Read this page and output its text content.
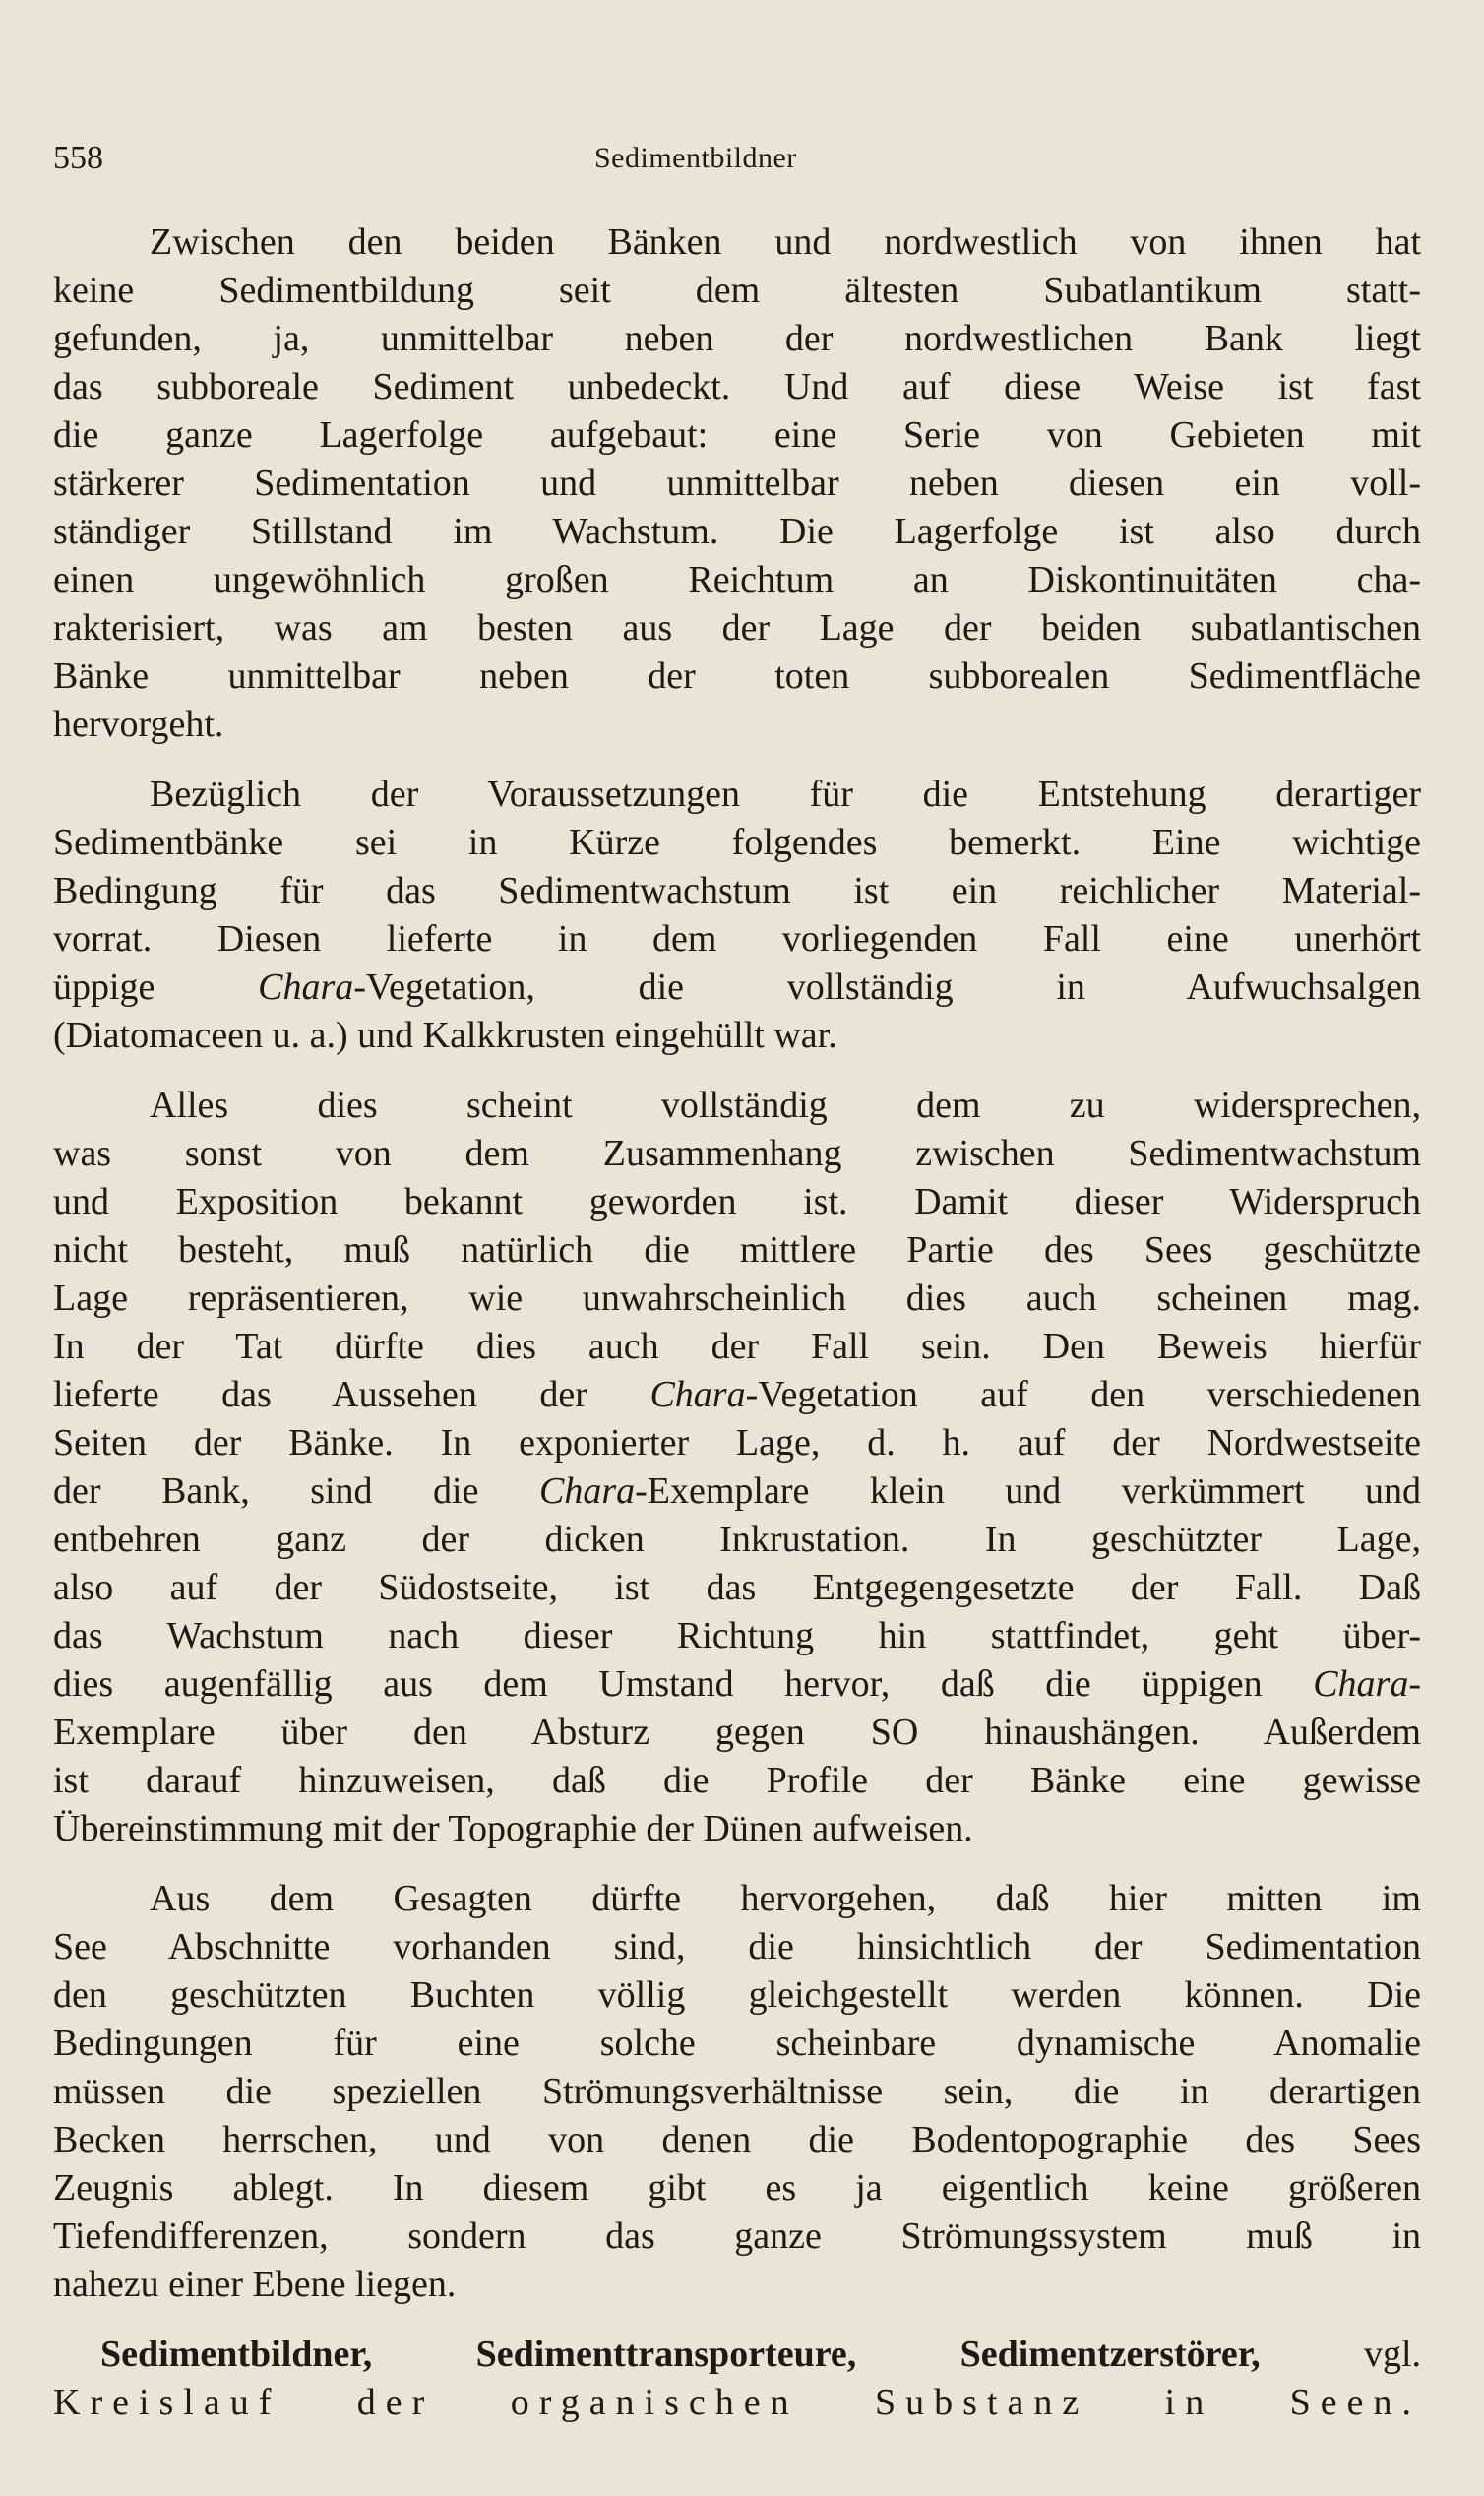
558	Sedimentbildner
Zwischen den beiden Bänken und nordwestlich von ihnen hat
keine Sedimentbildung seit dem ältesten Subatlantikum statt-
gefunden, ja, unmittelbar neben der nordwestlichen Bank liegt
das subboreale Sediment unbedeckt. Und auf diese Weise ist fast
die ganze Lagerfolge aufgebaut: eine Serie von Gebieten mit
stärkerer Sedimentation und unmittelbar neben diesen ein voll-
ständiger Stillstand im Wachstum. Die Lagerfolge ist also durch
einen ungewöhnlich großen Reichtum an Diskontinuitäten cha-
rakterisiert, was am besten aus der Lage der beiden subatlantischen
Bänke unmittelbar neben der toten subborealen Sedimentfläche
hervorgeht.
Bezüglich der Voraussetzungen für die Entstehung derartiger
Sedimentbänke sei in Kürze folgendes bemerkt. Eine wichtige
Bedingung für das Sedimentwachstum ist ein reichlicher Material-
vorrat. Diesen lieferte in dem vorliegenden Fall eine unerhört
üppige Chara-Vegetation, die vollständig in Aufwuchsalgen
(Diatomaceen u. a.) und Kalkkrusten eingehüllt war.
Alles dies scheint vollständig dem zu widersprechen,
was sonst von dem Zusammenhang zwischen Sedimentwachstum
und Exposition bekannt geworden ist. Damit dieser Widerspruch
nicht besteht, muß natürlich die mittlere Partie des Sees geschützte
Lage repräsentieren, wie unwahrscheinlich dies auch scheinen mag.
In der Tat dürfte dies auch der Fall sein. Den Beweis hierfür
lieferte das Aussehen der Chara-Vegetation auf den verschiedenen
Seiten der Bänke. In exponierter Lage, d. h. auf der Nordwestseite
der Bank, sind die Chara-Exemplare klein und verkümmert und
entbehren ganz der dicken Inkrustation. In geschützter Lage,
also auf der Südostseite, ist das Entgegengesetzte der Fall. Daß
das Wachstum nach dieser Richtung hin stattfindet, geht über-
dies augenfällig aus dem Umstand hervor, daß die üppigen Chara-
Exemplare über den Absturz gegen SO hinaushängen. Außerdem
ist darauf hinzuweisen, daß die Profile der Bänke eine gewisse
Übereinstimmung mit der Topographie der Dünen aufweisen.
Aus dem Gesagten dürfte hervorgehen, daß hier mitten im
See Abschnitte vorhanden sind, die hinsichtlich der Sedimentation
den geschützten Buchten völlig gleichgestellt werden können. Die
Bedingungen für eine solche scheinbare dynamische Anomalie
müssen die speziellen Strömungsverhältnisse sein, die in derartigen
Becken herrschen, und von denen die Bodentopographie des Sees
Zeugnis ablegt. In diesem gibt es ja eigentlich keine größeren
Tiefendifferenzen, sondern das ganze Strömungssystem muß in
nahezu einer Ebene liegen.
Sedimentbildner, Sedimenttransporteure, Sedimentzerstörer,	vgl.
Kreislauf der organischen Substanz in Seen.
